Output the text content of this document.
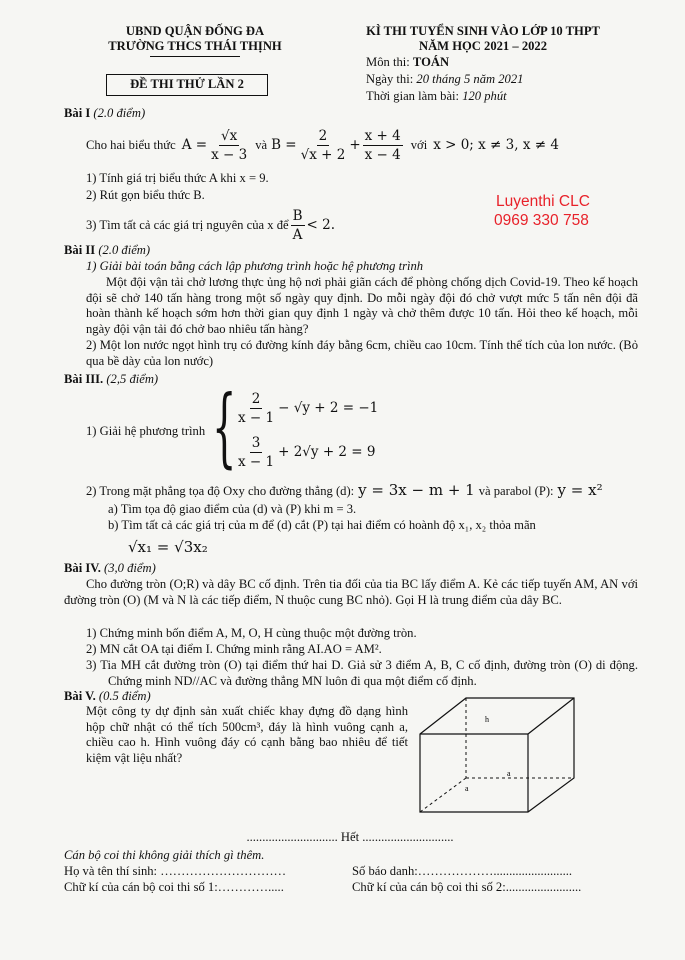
UBND QUẬN ĐỐNG ĐA
TRƯỜNG THCS THÁI THỊNH
ĐỀ THI THỬ LẦN 2
KÌ THI TUYỂN SINH VÀO LỚP 10 THPT
NĂM HỌC 2021 – 2022
Môn thi: TOÁN
Ngày thi: 20 tháng 5 năm 2021
Thời gian làm bài: 120 phút
Bài I (2.0 điểm)
Cho hai biểu thức $A = \frac{√x}{x - 3}$ và $B = \frac{2}{√x + 2} + \frac{x + 4}{x - 4}$ với x > 0; x ≠ 3, x ≠ 4
1) Tính giá trị biểu thức A khi x = 9.
2) Rút gọn biểu thức B.
3) Tìm tất cả các giá trị nguyên của x để $\frac{B}{A} < 2$.
Luyenthi CLC
0969 330 758
Bài II (2.0 điểm)
1) Giải bài toán bằng cách lập phương trình hoặc hệ phương trình
Một đội vận tải chở lương thực ủng hộ nơi phải giãn cách để phòng chống dịch Covid-19. Theo kế hoạch đội sẽ chở 140 tấn hàng trong một số ngày quy định. Do mỗi ngày đội đó chở vượt mức 5 tấn nên đội đã hoàn thành kế hoạch sớm hơn thời gian quy định 1 ngày và chở thêm được 10 tấn. Hỏi theo kế hoạch, mỗi ngày đội vận tải đó chở bao nhiêu tấn hàng?
2) Một lon nước ngọt hình trụ có đường kính đáy bằng 6cm, chiều cao 10cm. Tính thể tích của lon nước. (Bỏ qua bề dày của lon nước)
Bài III. (2,5 điểm)
1) Giải hệ phương trình { $\frac{2}{x - 1} - √y + 2 = -1$
$\frac{3}{x - 1} + 2√y + 2 = 9$
2) Trong mặt phẳng tọa độ Oxy cho đường thẳng (d): y = 3x − m + 1 và parabol (P): y = x²
a) Tìm tọa độ giao điểm của (d) và (P) khi m = 3.
b) Tìm tất cả các giá trị của m để (d) cắt (P) tại hai điểm có hoành độ x₁, x₂ thỏa mãn
√x₁ = √3x₂
Bài IV. (3,0 điểm)
Cho đường tròn (O;R) và dây BC cố định. Trên tia đối của tia BC lấy điểm A. Kẻ các tiếp tuyến AM, AN với đường tròn (O) (M và N là các tiếp điểm, N thuộc cung BC nhỏ). Gọi H là trung điểm của dây BC.
1) Chứng minh bốn điểm A, M, O, H cùng thuộc một đường tròn.
2) MN cắt OA tại điểm I. Chứng minh rằng AI.AO = AM².
3) Tia MH cắt đường tròn (O) tại điểm thứ hai D. Giả sử 3 điểm A, B, C cố định, đường tròn (O) di động. Chứng minh ND//AC và đường thẳng MN luôn đi qua một điểm cố định.
Bài V. (0.5 điểm)
Một công ty dự định sản xuất chiếc khay đựng đồ dạng hình hộp chữ nhật có thể tích 500cm³, đáy là hình vuông cạnh a, chiều cao h. Hình vuông đáy có cạnh bằng bao nhiêu để tiết kiệm vật liệu nhất?
h
a
a
............................. Hết .............................
Cán bộ coi thi không giải thích gì thêm.
Họ và tên thí sinh: …………………………	Số báo danh:……………….........................
Chữ kí của cán bộ coi thi số 1:………….....	Chữ kí của cán bộ coi thi số 2:........................
